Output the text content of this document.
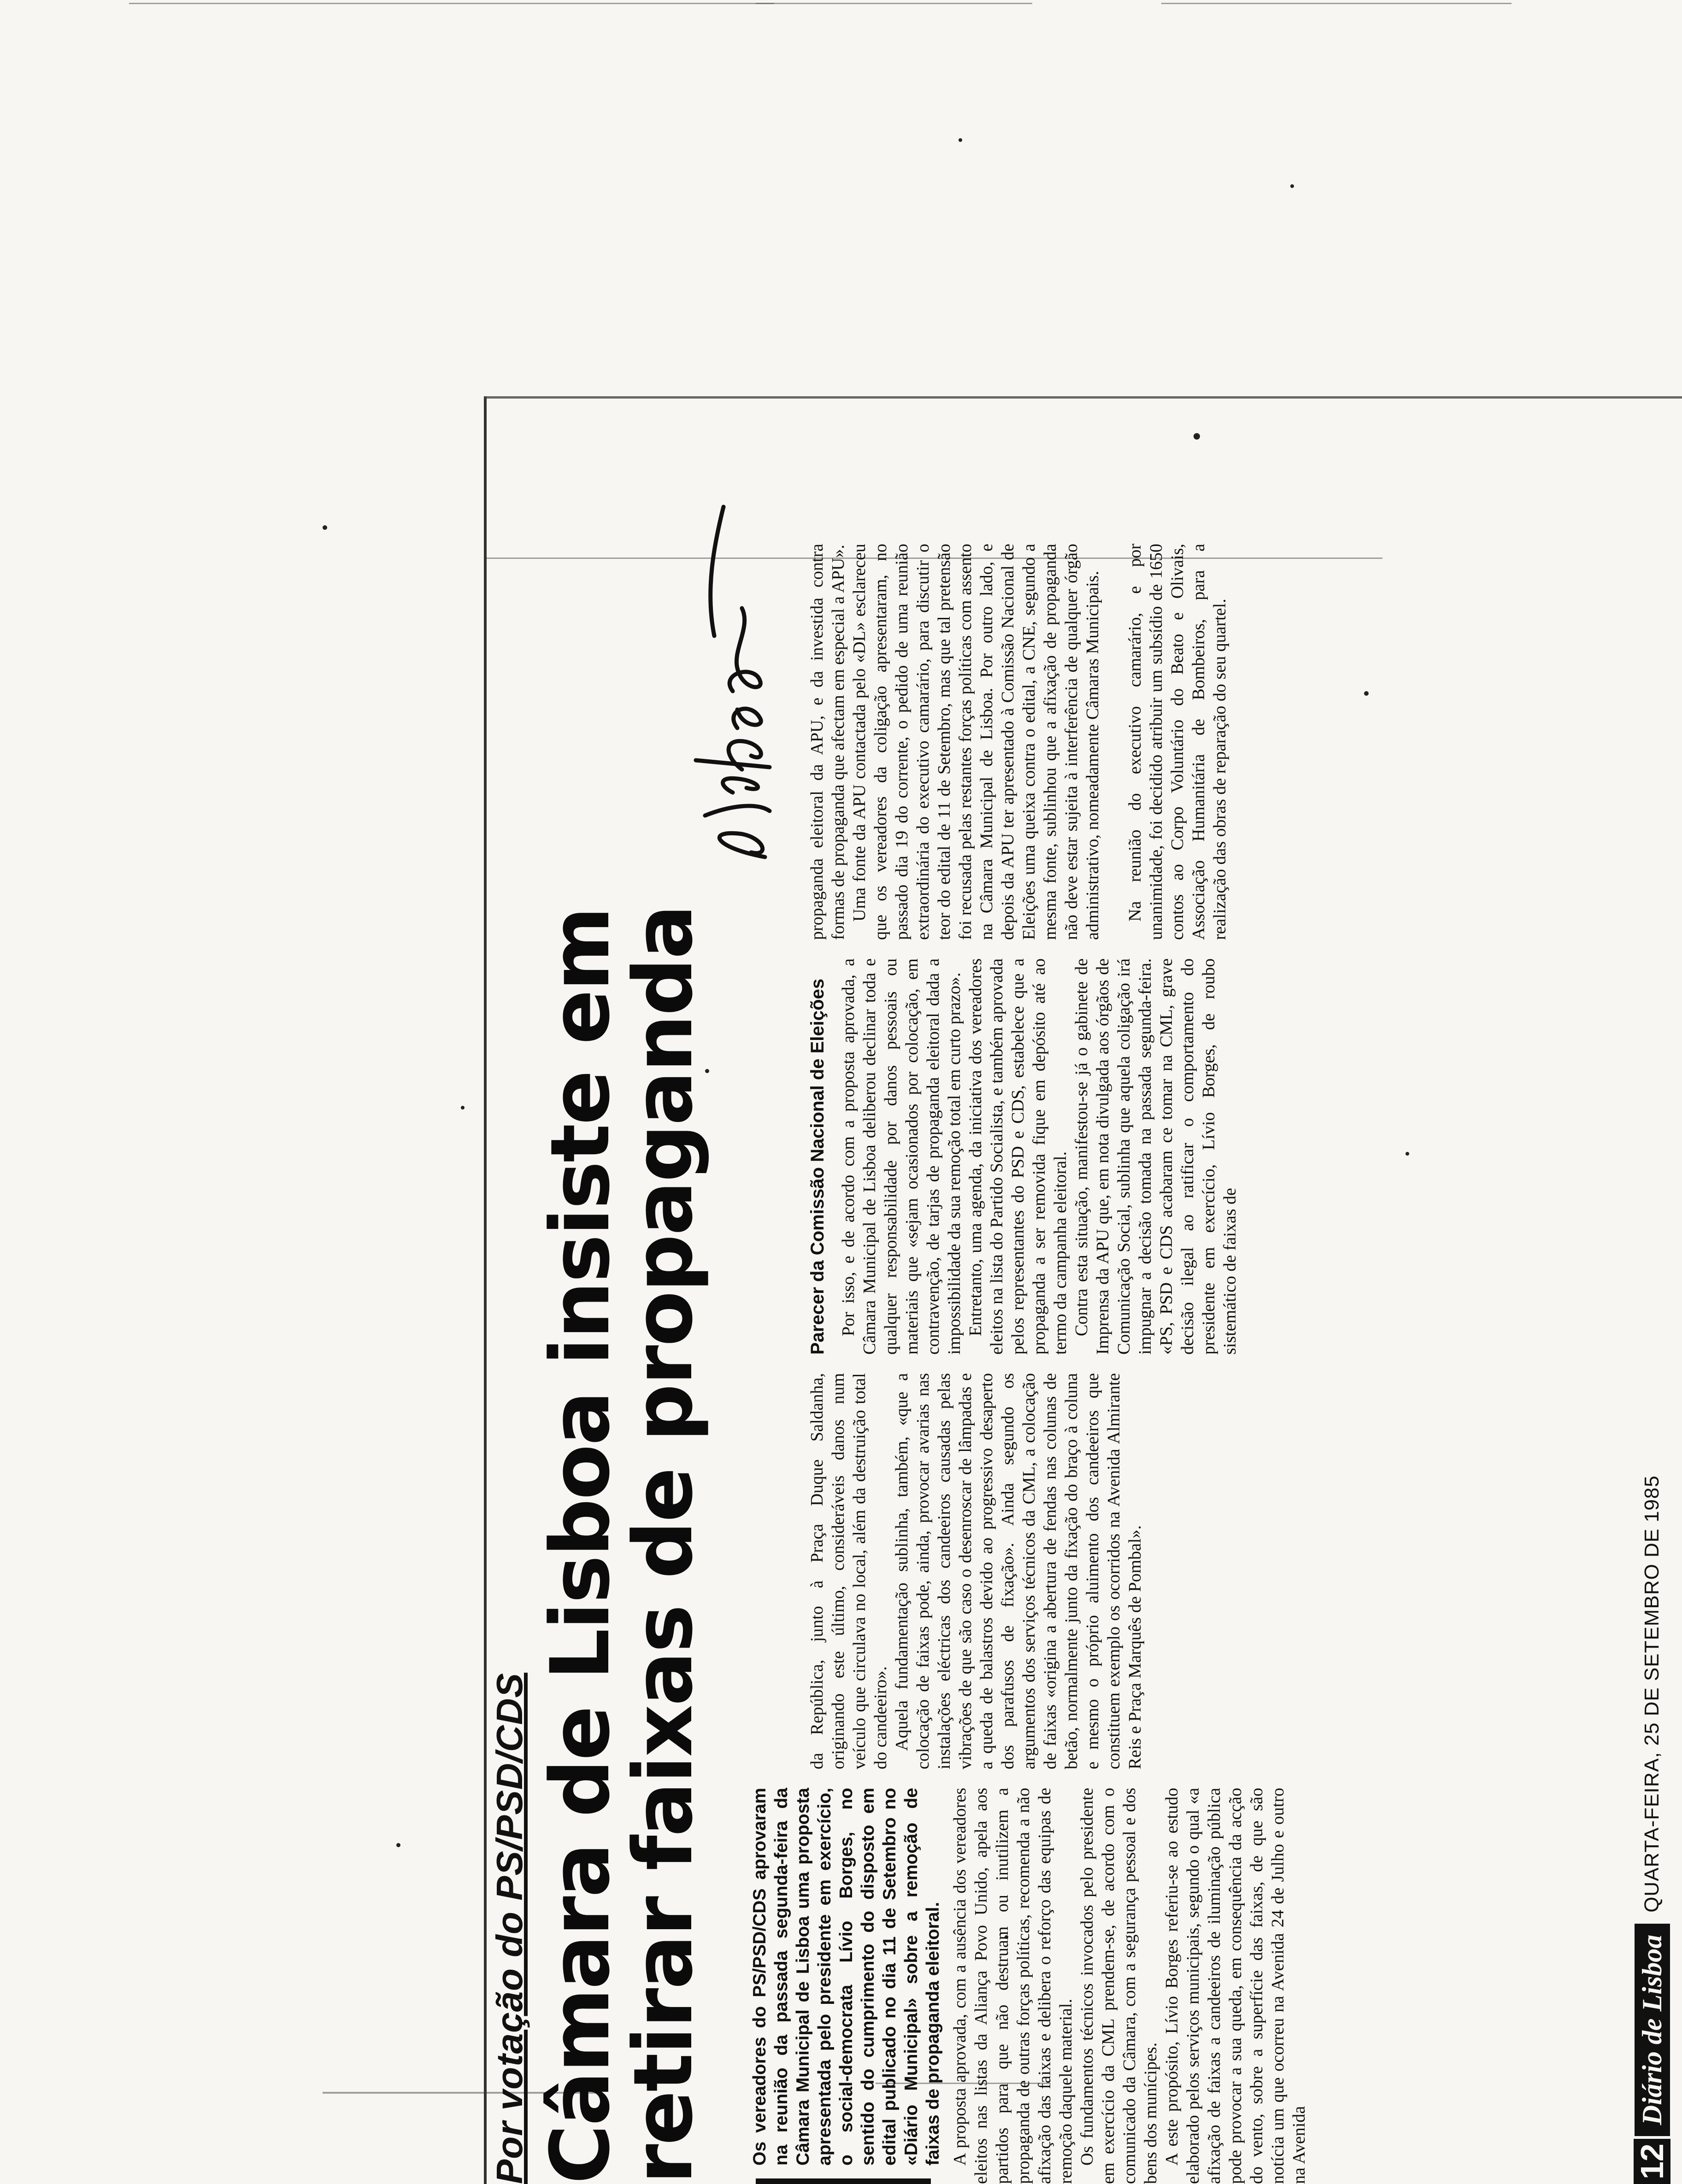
Por votação do PS/PSD/CDS Câmara de Lisboa insiste em retirar faixas de propaganda Os vereadores do PS/PSD/CDS aprovaram na reunião da passada segunda-feira da Câmara Municipal de Lisboa uma proposta apresentada pelo presidente em exercício, o social-democrata Lívio Borges, no sentido do cumprimento do disposto em edital publicado no dia 11 de Setembro no «Diário Municipal» sobre a remoção de faixas de propaganda eleitoral. A proposta aprovada, com a ausência dos vereadores eleitos nas listas da Aliança Povo Unido, apela aos partidos para que não destruam ou inutilizem a propaganda de outras forças políticas, recomenda a não afixação das faixas e delibera o reforço das equipas de remoção daquele material. Os fundamentos técnicos invocados pelo presidente em exercício da CML prendem-se, de acordo com o comunicado da Câmara, com a segurança pessoal e dos bens dos munícipes. A este propósito, Lívio Borges referiu-se ao estudo elaborado pelos serviços municipais, segundo o qual «a afixação de faixas a candeeiros de iluminação pública pode provocar a sua queda, em consequência da acção do vento, sobre a superfície das faixas, de que são notícia um que ocorreu na Avenida 24 de Julho e outro na Avenida

da República, junto à Praça Duque Saldanha, originando este último, consideráveis danos num veículo que circulava no local, além da destruição total do candeeiro». Aquela fundamentação sublinha, também, «que a colocação de faixas pode, ainda, provocar avarias nas instalações eléctricas dos candeeiros causadas pelas vibrações de que são caso o desenroscar de lâmpadas e a queda de balastros devido ao progressivo desaperto dos parafusos de fixação». Ainda segundo os argumentos dos serviços técnicos da CML, a colocação de faixas «origina a abertura de fendas nas colunas de betão, normalmente junto da fixação do braço à coluna e mesmo o próprio aluimento dos candeeiros que constituem exemplo os ocorridos na Avenida Almirante Reis e Praça Marquês de Pombal».

Parecer da Comissão Nacional de Eleições Por isso, e de acordo com a proposta aprovada, a Câmara Municipal de Lisboa deliberou declinar toda e qualquer responsabilidade por danos pessoais ou materiais que «sejam ocasionados por colocação, em contravenção, de tarjas de propaganda eleitoral dada a impossibilidade da sua remoção total em curto prazo». Entretanto, uma agenda, da iniciativa dos vereadores eleitos na lista do Partido Socialista, e também aprovada pelos representantes do PSD e CDS, estabelece que a propaganda a ser removida fique em depósito até ao termo da campanha eleitoral. Contra esta situação, manifestou-se já o gabinete de Imprensa da APU que, em nota divulgada aos órgãos de Comunicação Social, sublinha que aquela coligação irá impugnar a decisão tomada na passada segunda-feira. «PS, PSD e CDS acabaram ce tomar na CML, grave decisão ilegal ao ratificar o comportamento do presidente em exercício, Lívio Borges, de roubo sistemático de faixas de

propaganda eleitoral da APU, e da investida contra formas de propaganda que afectam em especial a APU». Uma fonte da APU contactada pelo «DL» esclareceu que os vereadores da coligação apresentaram, no passado dia 19 do corrente, o pedido de uma reunião extraordinária do executivo camarário, para discutir o teor do edital de 11 de Setembro, mas que tal pretensão foi recusada pelas restantes forças políticas com assento na Câmara Municipal de Lisboa. Por outro lado, e depois da APU ter apresentado à Comissão Nacional de Eleições uma queixa contra o edital, a CNE, segundo a mesma fonte, sublinhou que a afixação de propaganda não deve estar sujeita à interferência de qualquer órgão administrativo, nomeadamente Câmaras Municipais. Na reunião do executivo camarário, e por unanimidade, foi decidido atribuir um subsídio de 1650 contos ao Corpo Voluntário do Beato e Olivais, Associação Humanitária de Bombeiros, para a realização das obras de reparação do seu quartel.

12
Diário de Lisboa
QUARTA-FEIRA, 25 DE SETEMBRO DE 1985
